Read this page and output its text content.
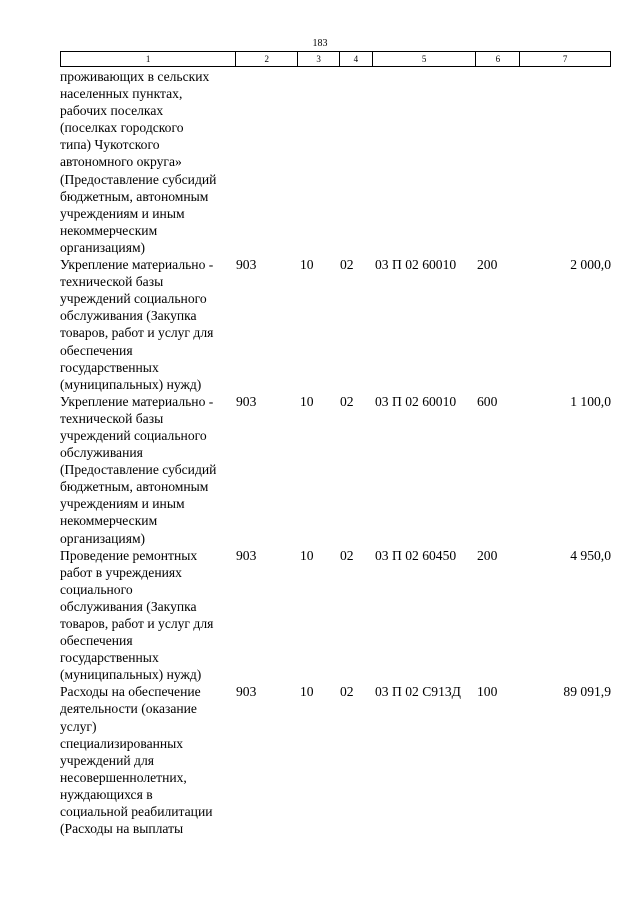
183
1	2	3	4	5	6	7
проживающих в сельских
населенных пунктах,
рабочих поселках
(поселках городского
типа) Чукотского
автономного округа»
(Предоставление субсидий
бюджетным, автономным
учреждениям и иным
некоммерческим
организациям)
Укрепление материально -
технической базы
учреждений социального
обслуживания (Закупка
товаров, работ и услуг для
обеспечения
государственных
(муниципальных) нужд)
903	10	02	03 П 02 60010	200	2 000,0
Укрепление материально -
технической базы
учреждений социального
обслуживания
(Предоставление субсидий
бюджетным, автономным
учреждениям и иным
некоммерческим
организациям)
903	10	02	03 П 02 60010	600	1 100,0
Проведение ремонтных
работ в учреждениях
социального
обслуживания (Закупка
товаров, работ и услуг для
обеспечения
государственных
(муниципальных) нужд)
903	10	02	03 П 02 60450	200	4 950,0
Расходы на обеспечение
деятельности (оказание
услуг)
специализированных
учреждений для
несовершеннолетних,
нуждающихся в
социальной реабилитации
(Расходы на выплаты
903	10	02	03 П 02 С913Д	100	89 091,9
